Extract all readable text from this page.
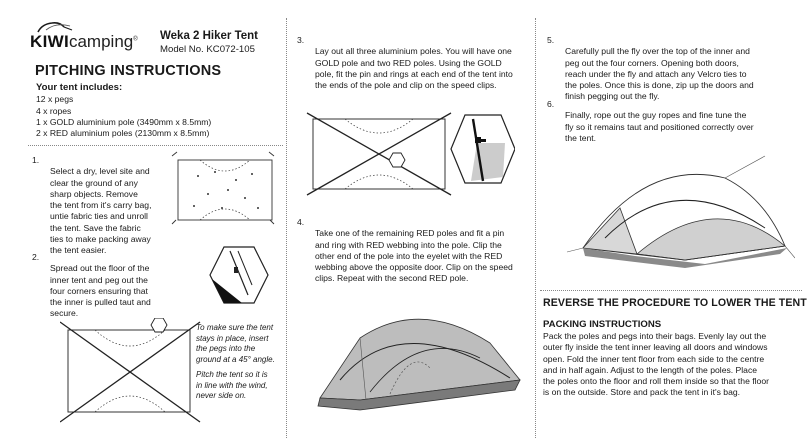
KIWIcamping® Weka 2 Hiker Tent
Model No. KC072-105
PITCHING INSTRUCTIONS
Your tent includes:
12 x pegs
4 x ropes
1 x GOLD aluminium pole (3490mm x 8.5mm)
2 x RED aluminium poles (2130mm x 8.5mm)
1.
Select a dry, level site and
clear the ground of any
sharp objects. Remove
the tent from it's carry bag,
untie fabric ties and unroll
the tent. Save the fabric
ties to make packing away
the tent easier.
2.
Spread out the floor of the
inner tent and peg out the
four corners ensuring that
the inner is pulled taut and
secure.
To make sure the tent
stays in place, insert
the pegs into the
ground at a 45° angle.
Pitch the tent so it is
in line with the wind,
never side on.
3.
Lay out all three aluminium poles. You will have one
GOLD pole and two RED poles. Using the GOLD
pole, fit the pin and rings at each end of the tent into
the ends of the pole and clip on the speed clips.
4.
Take one of the remaining RED poles and fit a pin
and ring with RED webbing into the pole. Clip the
other end of the pole into the eyelet with the RED
webbing above the opposite door. Clip on the speed
clips. Repeat with the second RED pole.
5.
Carefully pull the fly over the top of the inner and
peg out the four corners. Opening both doors,
reach under the fly and attach any Velcro ties to
the poles. Once this is done, zip up the doors and
finish pegging out the fly.
6.
Finally, rope out the guy ropes and fine tune the
fly so it remains taut and positioned correctly over
the tent.
REVERSE THE PROCEDURE TO LOWER THE TENT
PACKING INSTRUCTIONS
Pack the poles and pegs into their bags. Evenly lay out the
outer fly inside the tent inner leaving all doors and windows
open. Fold the inner tent floor from each side to the centre
and in half again. Adjust to the length of the poles. Place
the poles onto the floor and roll them inside so that the floor
is on the outside. Store and pack the tent in it's bag.
